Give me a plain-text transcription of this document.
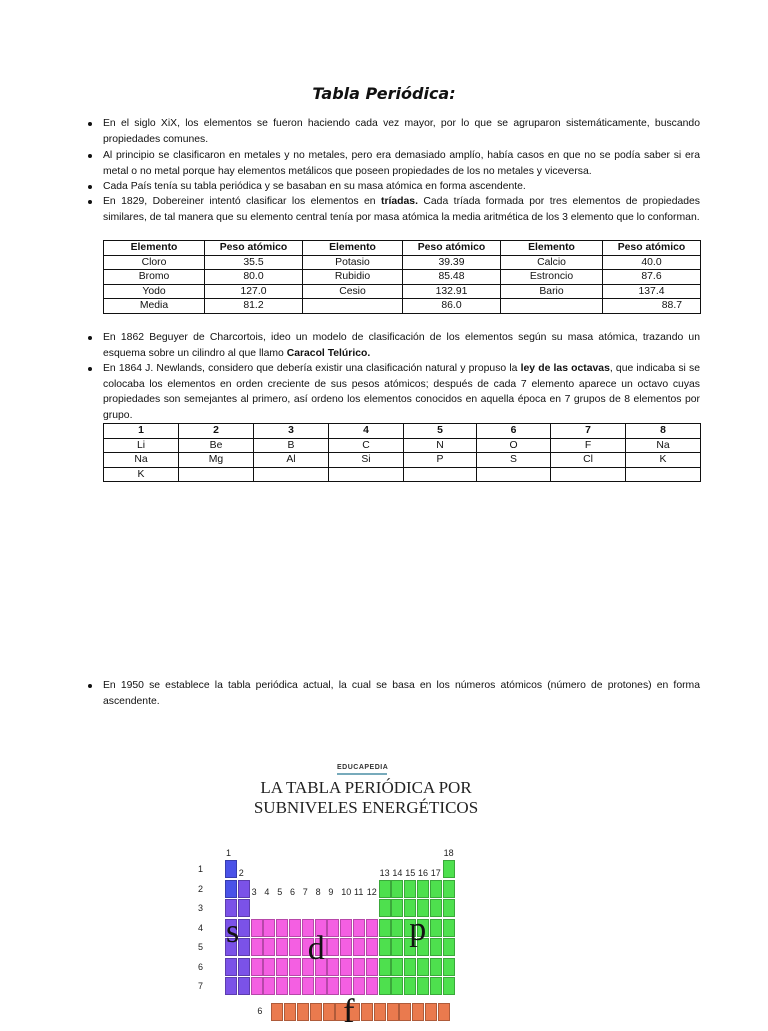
Tabla Periódica:
En el siglo XiX, los elementos se fueron haciendo cada vez mayor, por lo que se agruparon sistemáticamente, buscando propiedades comunes.
Al principio se clasificaron en metales y no metales, pero era demasiado amplío, había casos en que no se podía saber si era metal o no metal porque hay elementos metálicos que poseen propiedades de los no metales y viceversa.
Cada País tenía su tabla periódica y se basaban en su masa atómica en forma ascendente.
En 1829, Dobereiner intentó clasificar los elementos en tríadas. Cada tríada formada por tres elementos de propiedades similares, de tal manera que su elemento central tenía por masa atómica la media aritmética de los 3 elemento que lo conforman.
Elemento	Peso atómico	Elemento	Peso atómico	Elemento	Peso atómico
Cloro	35.5	Potasio	39.39	Calcio	40.0
Bromo	80.0	Rubidio	85.48	Estroncio	87.6
Yodo	127.0	Cesio	132.91	Bario	137.4
Media	81.2		86.0		88.7
En 1862 Beguyer de Charcortois, ideo un modelo de clasificación de los elementos según su masa atómica, trazando un esquema sobre un cilindro al que llamo Caracol Telúrico.
En 1864 J. Newlands, considero que debería existir una clasificación natural y propuso la ley de las octavas, que indicaba si se colocaba los elementos en orden creciente de sus pesos atómicos; después de cada 7 elemento aparece un octavo cuyas propiedades son semejantes al primero, así ordeno los elementos conocidos en aquella época en 7 grupos de 8 elementos por grupo.
1	2	3	4	5	6	7	8
Li	Be	B	C	N	O	F	Na
Na	Mg	Al	Si	P	S	Cl	K
K							
En 1950 se establece la tabla periódica actual, la cual se basa en los números atómicos (número de protones) en forma ascendente.
EDUCAPEDIA
LA TABLA PERIÓDICA POR
SUBNIVELES ENERGÉTICOS
1
2
3
4
5
6
7
6
1
2
3 4 5 6 7 8 9 10 11 12
13 14 15 16 17
18
s d
p
f
